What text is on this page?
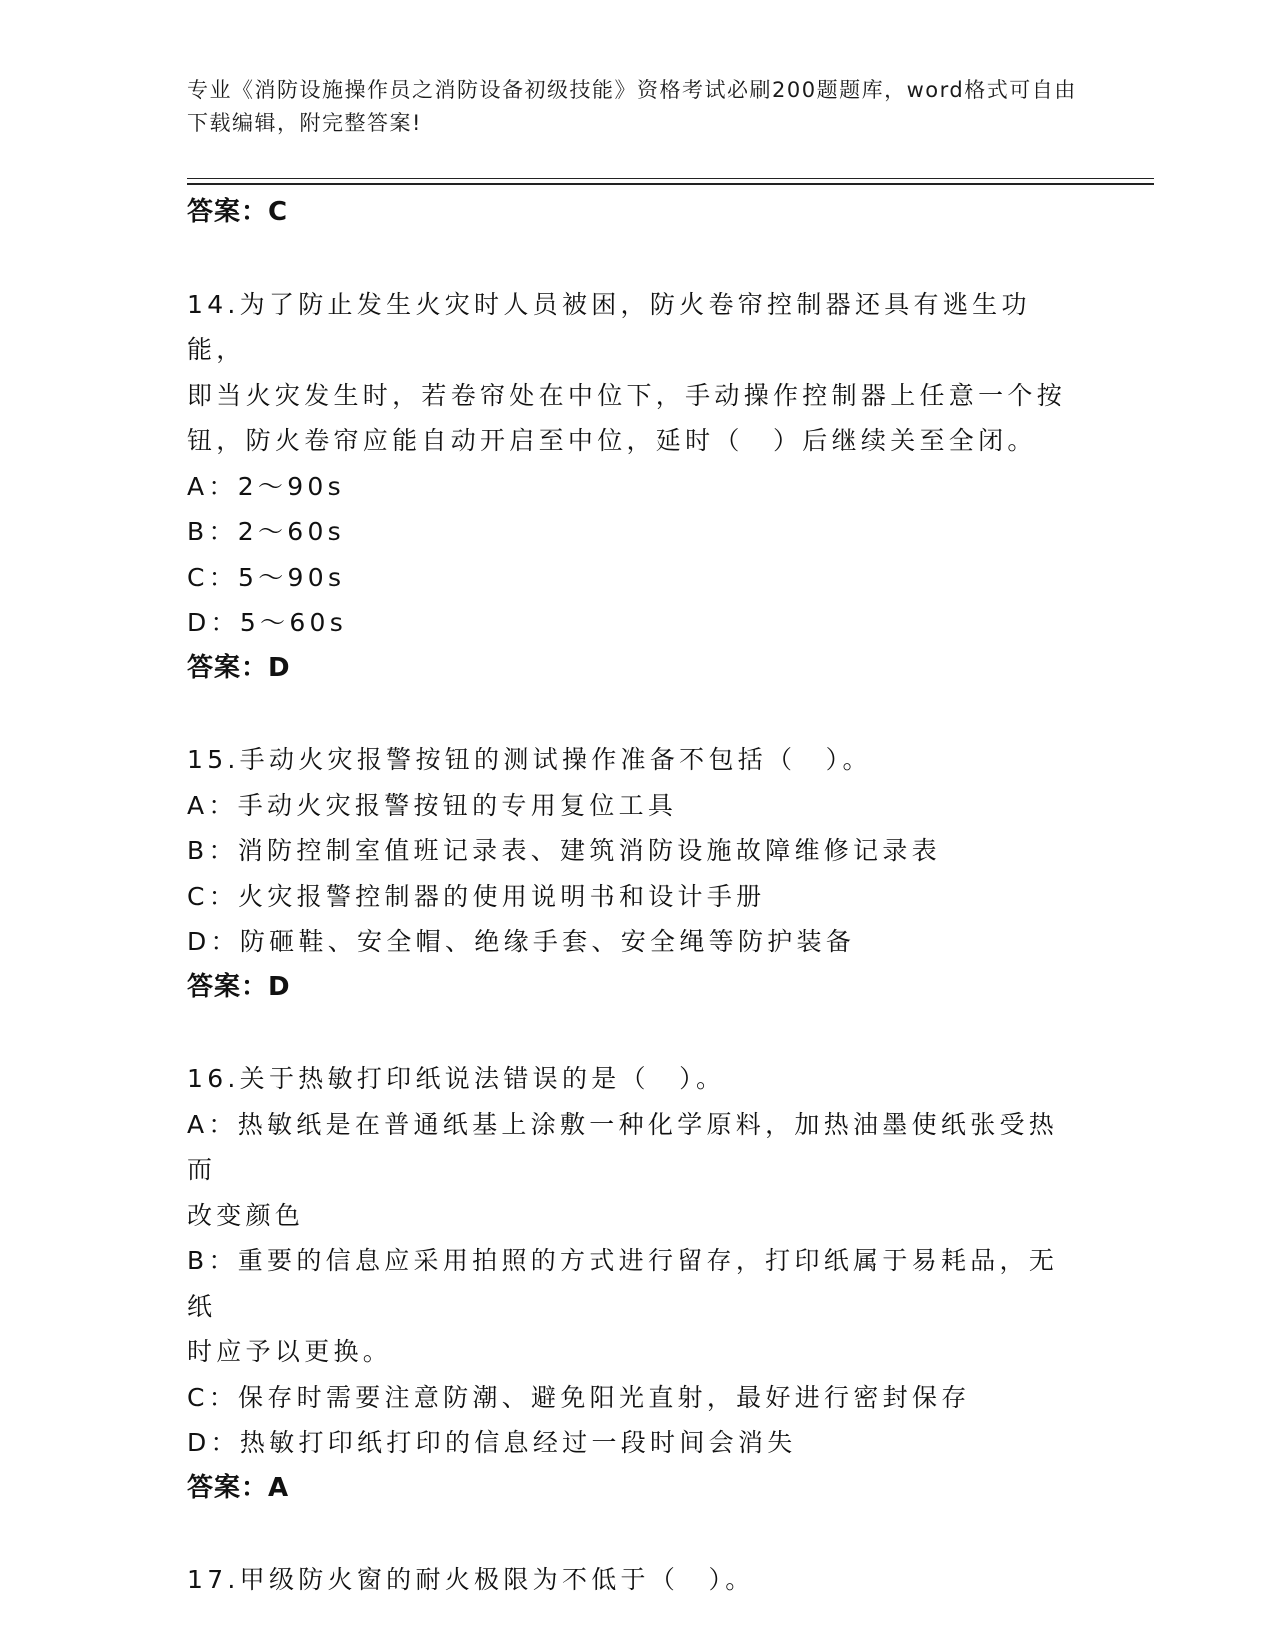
专业《消防设施操作员之消防设备初级技能》资格考试必刷200题题库，word格式可自由下载编辑，附完整答案!
答案：C
14.为了防止发生火灾时人员被困，防火卷帘控制器还具有逃生功能，
即当火灾发生时，若卷帘处在中位下，手动操作控制器上任意一个按
钮，防火卷帘应能自动开启至中位，延时（　）后继续关至全闭。
A：2～90s
B：2～60s
C：5～90s
D：5～60s
答案：D
15.手动火灾报警按钮的测试操作准备不包括（　）。
A：手动火灾报警按钮的专用复位工具
B：消防控制室值班记录表、建筑消防设施故障维修记录表
C：火灾报警控制器的使用说明书和设计手册
D：防砸鞋、安全帽、绝缘手套、安全绳等防护装备
答案：D
16.关于热敏打印纸说法错误的是（　）。
A：热敏纸是在普通纸基上涂敷一种化学原料，加热油墨使纸张受热而
改变颜色
B：重要的信息应采用拍照的方式进行留存，打印纸属于易耗品，无纸
时应予以更换。
C：保存时需要注意防潮、避免阳光直射，最好进行密封保存
D：热敏打印纸打印的信息经过一段时间会消失
答案：A
17.甲级防火窗的耐火极限为不低于（　）。
